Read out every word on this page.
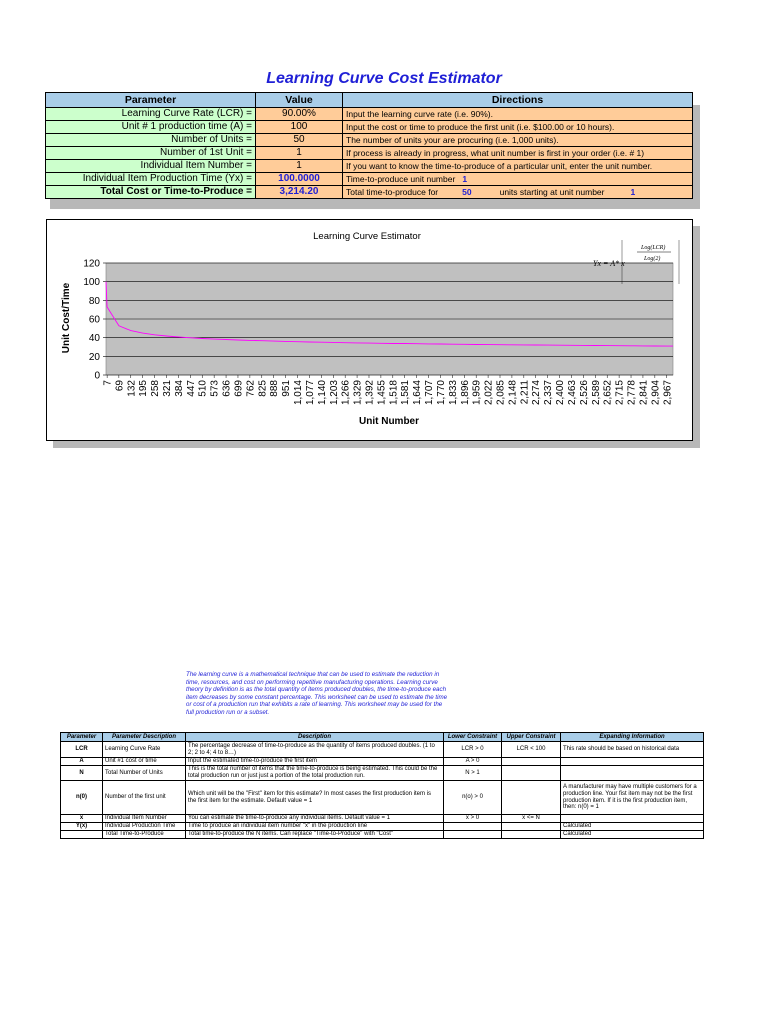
Learning Curve Cost Estimator
Parameter	Value	Directions
Learning Curve Rate (LCR) =	90.00%	Input the learning curve rate (i.e. 90%).
Unit # 1 production time (A) =	100	Input the cost or time to produce the first unit (i.e. $100.00 or 10 hours).
Number of Units =	50	The number of units your are procuring (i.e. 1,000 units).
Number of 1st Unit =	1	If process is already in progress, what unit number is first in your order (i.e. # 1)
Individual Item Number =	1	If you want to know the time-to-produce of a particular unit, enter the unit number.
Individual Item Production Time (Yx) =	100.0000	Time-to-produce unit number 1
Total Cost or Time-to-Produce =	3,214.20	Total time-to-produce for 50 units starting at unit number 1
Learning Curve Estimator
Unit Cost/Time
Unit Number
0
20
40
60
80
100
120
7 69 132 195 258 321 384 447 510 573 636 699 762 825 888 951 1,014 1,077 1,140 1,203 1,266 1,329 1,392 1,455 1,518 1,581 1,644 1,707 1,770 1,833 1,896 1,959 2,022 2,085 2,148 2,211 2,274 2,337 2,400 2,463 2,526 2,589 2,652 2,715 2,778 2,841 2,904 2,967
Yx = A* x
Log(LCR)
Log(2)
The learning curve is a mathematical technique that can be used to estimate the reduction in time, resources, and cost on performing repetitive manufacturing operations. Learning curve theory by definition is as the total quantity of items produced doubles, the time-to-produce each item decreases by some constant percentage. This worksheet can be used to estimate the time or cost of a production run that exhibits a rate of learning. This worksheet may be used for the full production run or a subset.
Parameter	Parameter Description	Description	Lower Constraint	Upper Constraint	Expanding Information
LCR	Learning Curve Rate	The percentage decrease of time-to-produce as the quantity of items produced doubles. (1 to 2; 2 to 4; 4 to 8…)	LCR > 0	LCR < 100	This rate should be based on historical data
A	Unit #1 cost or time	Input the estimated time-to-produce the first item	A > 0		
N	Total Number of Units	This is the total number of items that the time-to-produce is being estimated. This could be the total production run or just just a portion of the total production run.	N > 1		
n(0)	Number of the first unit	Which unit will be the "First" item for this estimate? In most cases the first production item is the first item for the estimate. Default value = 1	n(o) > 0		A manufacturer may have multiple customers for a production line. Your fist item may not be the first production item. If it is the first production item, then: n(0) = 1
x	Individual Item Number	You can estimate the time-to-produce any individual items. Default value = 1	x > 0	x <= N	
Y(x)	Individual Production Time	Time to produce an individual item number "x" in the production line			Calculated
	Total Time-to-Produce	Total time-to-produce the N items. Can replace "Time-to-Produce" with "Cost"			Calculated
